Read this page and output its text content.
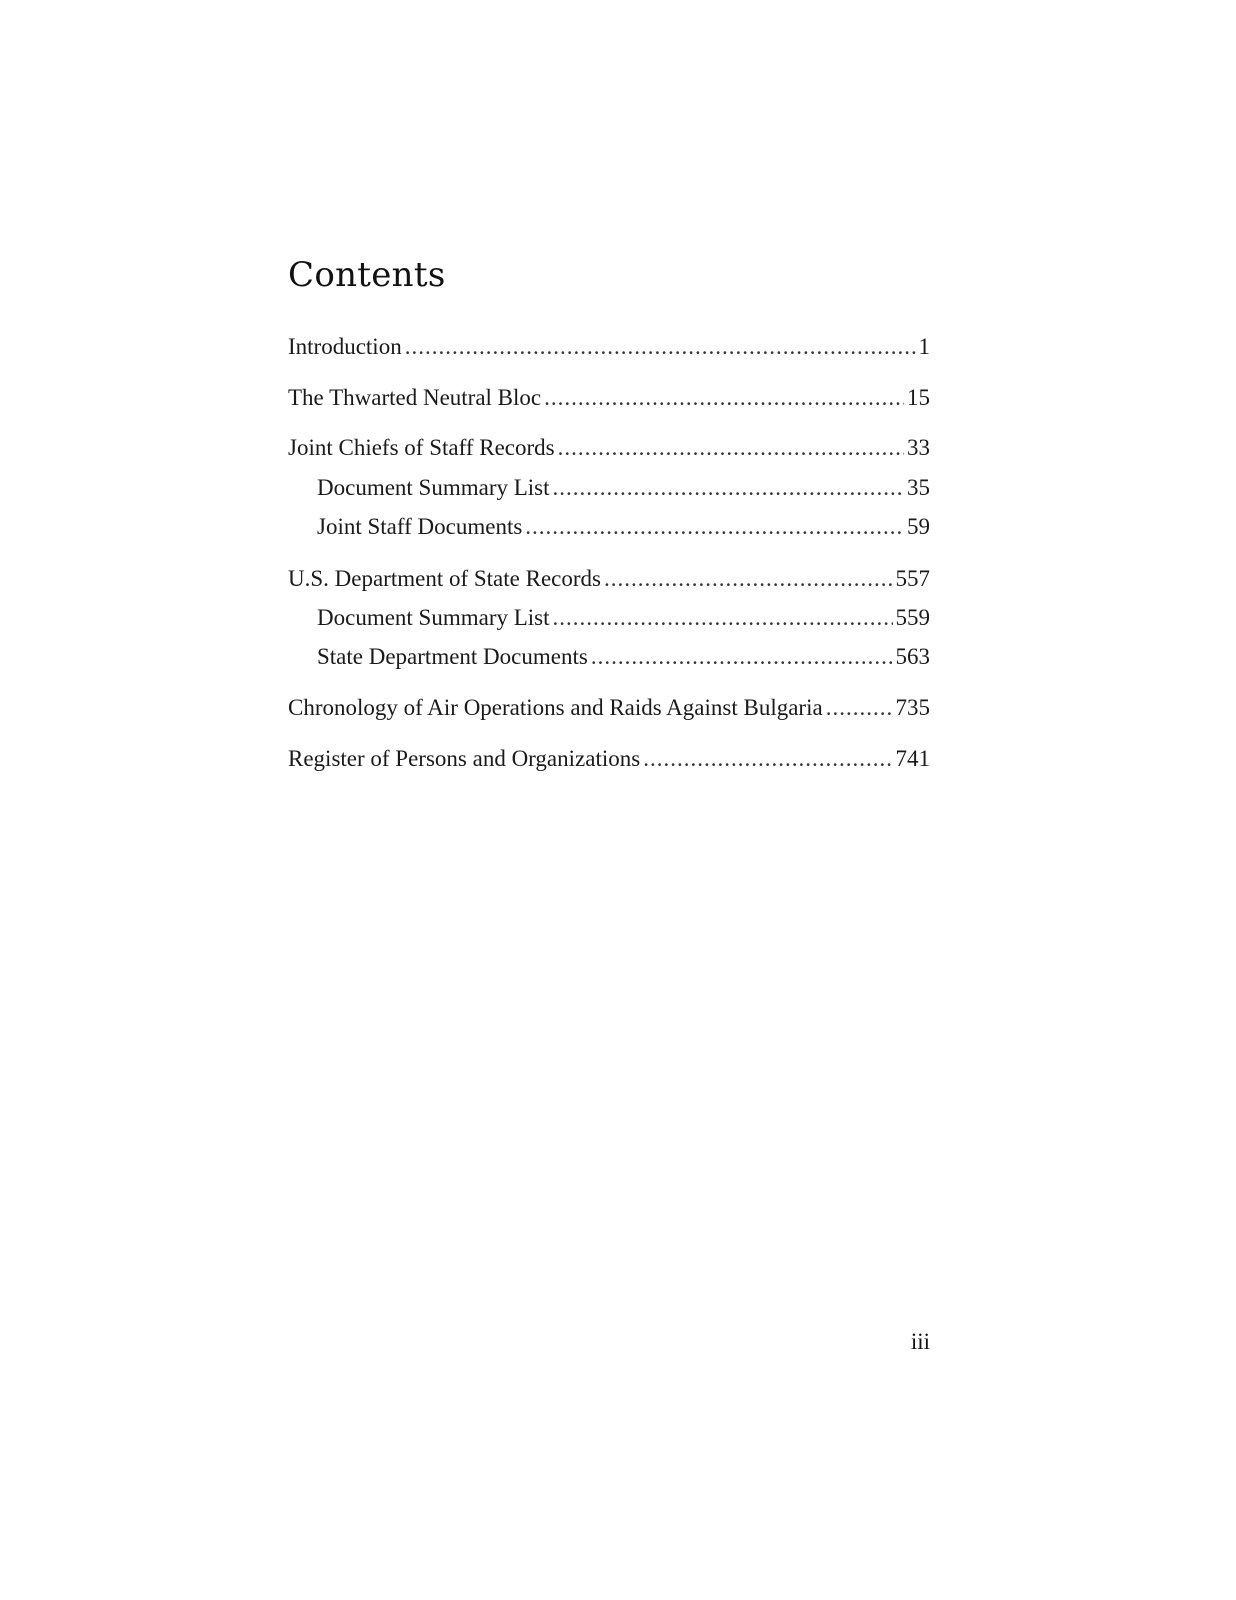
Contents
Introduction .....	1
The Thwarted Neutral Bloc .....	15
Joint Chiefs of Staff Records .....	33
Document Summary List .....	35
Joint Staff Documents .....	59
U.S. Department of State Records .....	557
Document Summary List .....	559
State Department Documents .....	563
Chronology of Air Operations and Raids Against Bulgaria .....	735
Register of Persons and Organizations .....	741
iii
